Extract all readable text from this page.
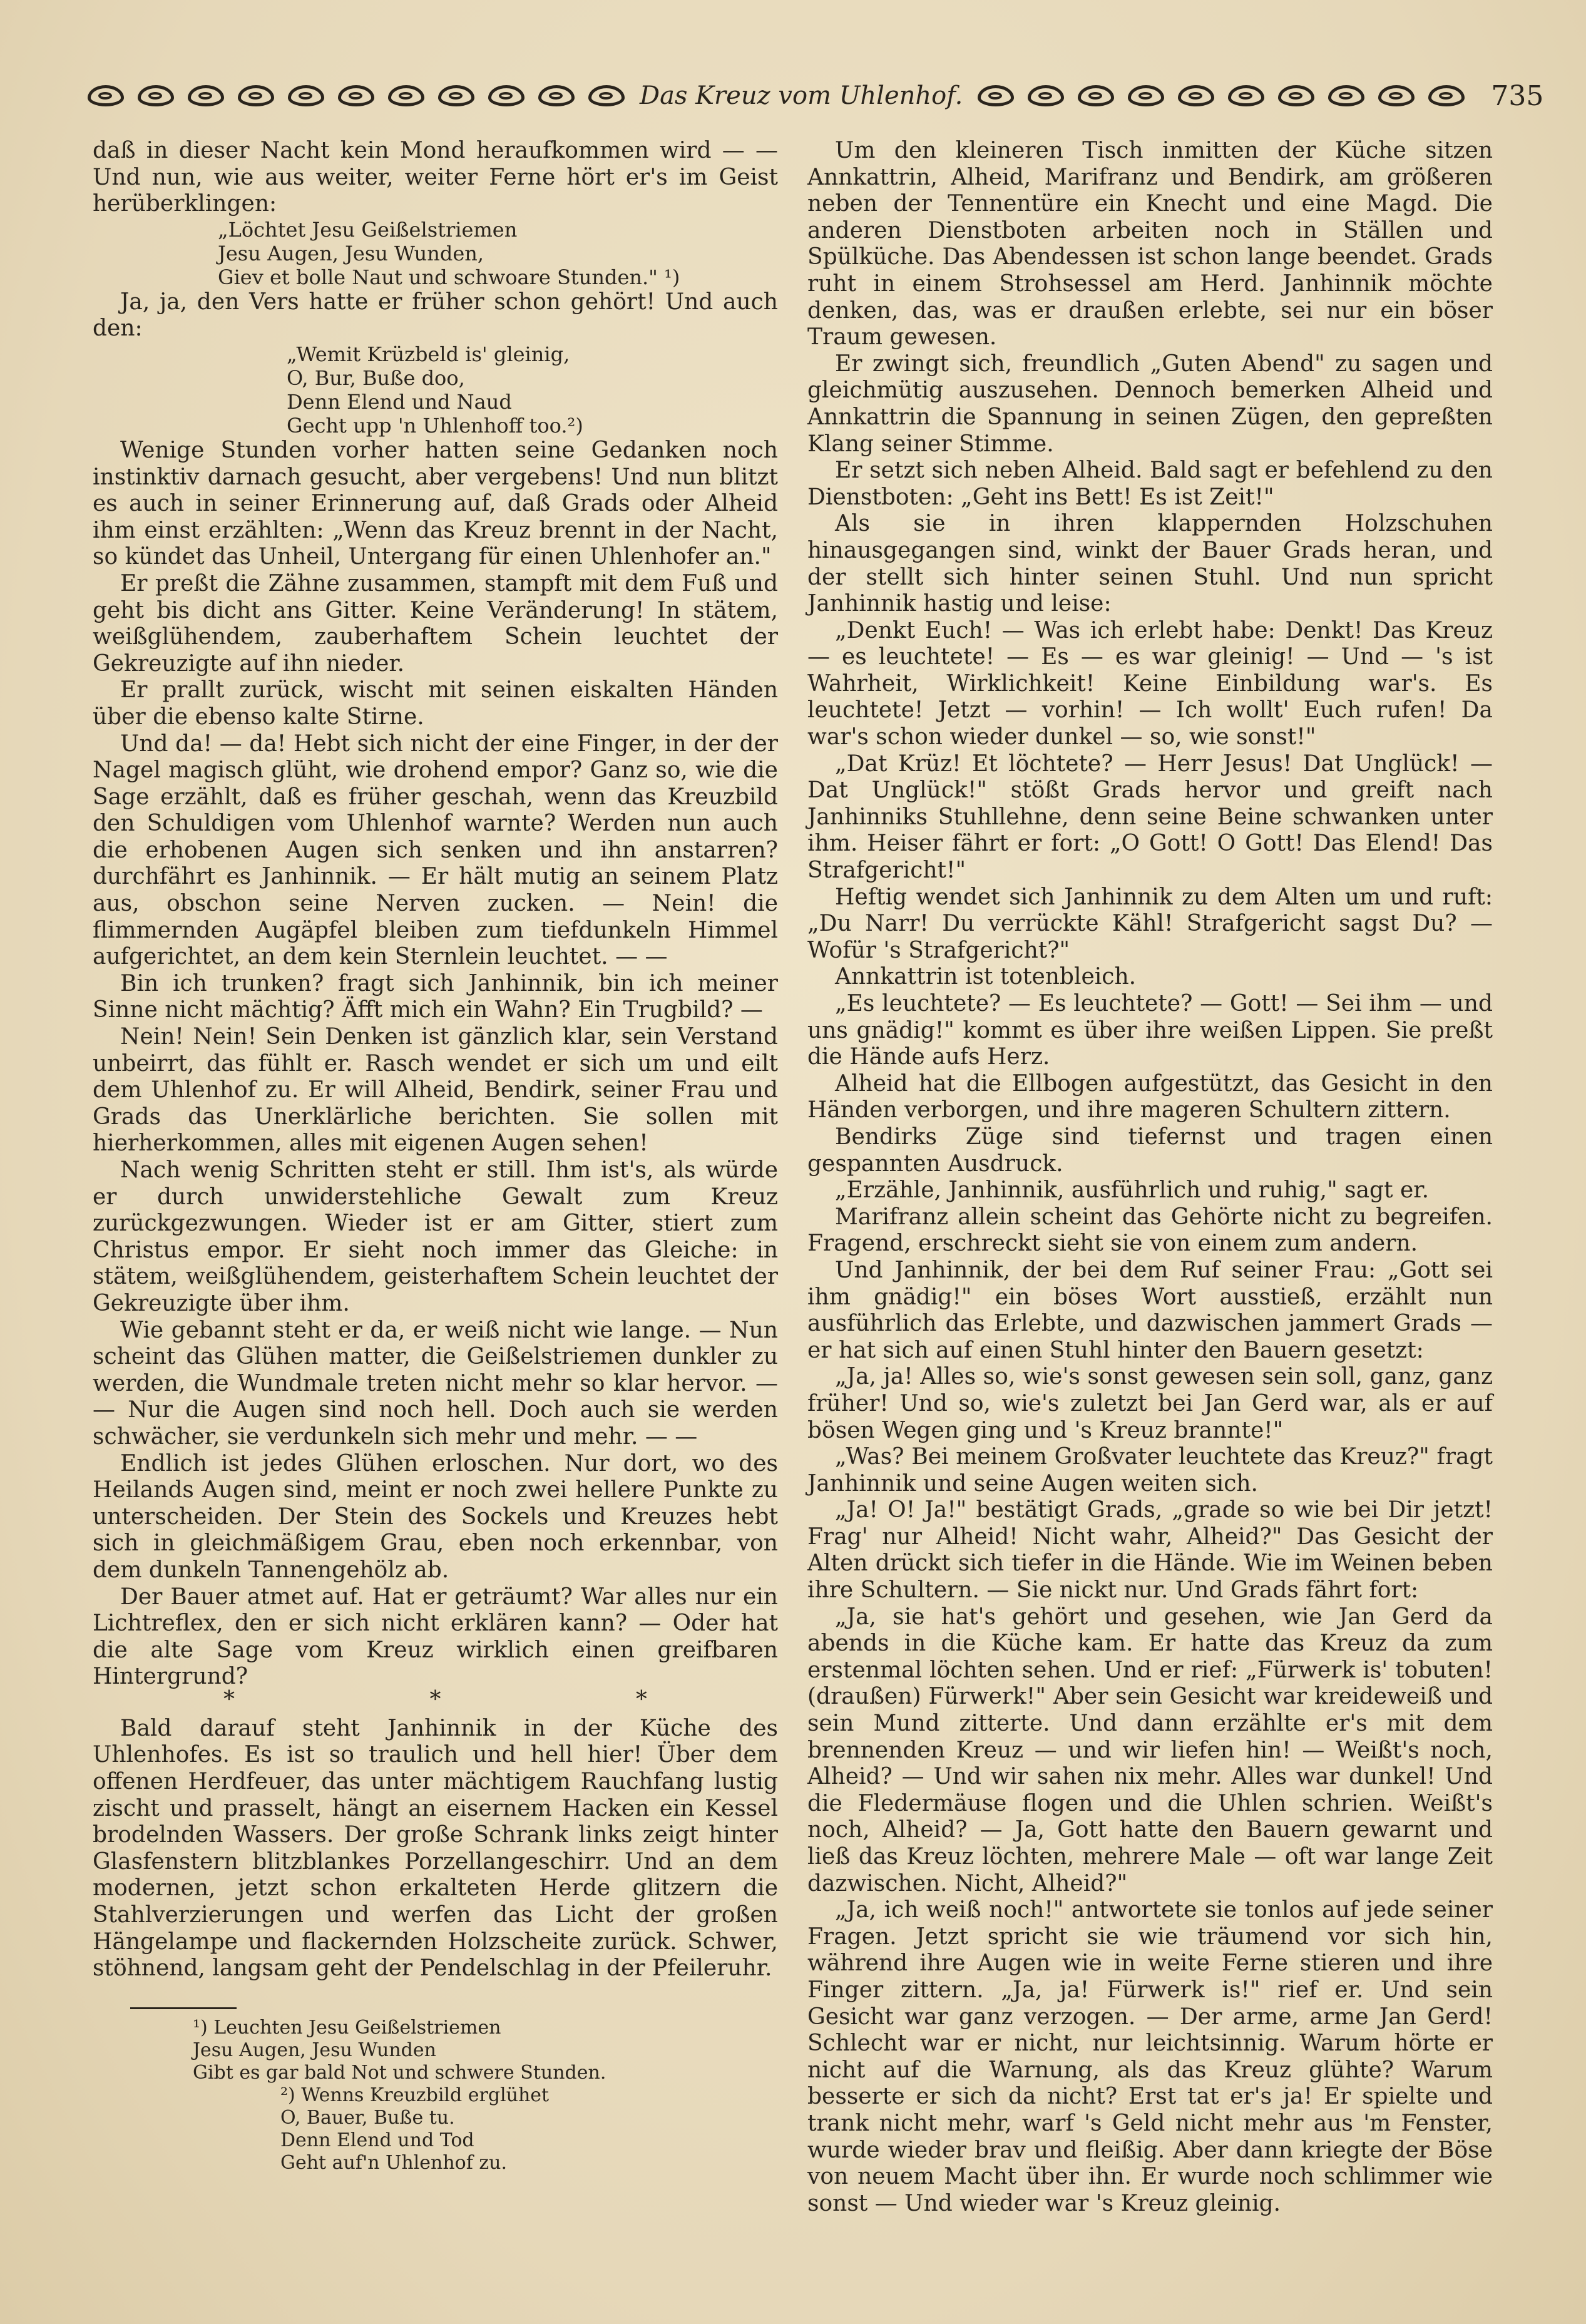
Das Kreuz vom Uhlenhof.	735

daß in dieser Nacht kein Mond heraufkommen wird — — Und nun, wie aus weiter, weiter Ferne hört er's im Geist herüberklingen:

„Löchtet Jesu Geißelstriemen
Jesu Augen, Jesu Wunden,
Giev et bolle Naut und schwoare Stunden." ¹)

Ja, ja, den Vers hatte er früher schon gehört! Und auch den:

„Wemit Krüzbeld is' gleinig,
O, Bur, Buße doo,
Denn Elend und Naud
Gecht upp 'n Uhlenhoff too.²)

Wenige Stunden vorher hatten seine Gedanken noch instinktiv darnach gesucht, aber vergebens! Und nun blitzt es auch in seiner Erinnerung auf, daß Grads oder Alheid ihm einst erzählten: „Wenn das Kreuz brennt in der Nacht, so kündet das Unheil, Untergang für einen Uhlenhofer an."

Er preßt die Zähne zusammen, stampft mit dem Fuß und geht bis dicht ans Gitter. Keine Veränderung! In stätem, weißglühendem, zauberhaftem Schein leuchtet der Gekreuzigte auf ihn nieder.

Er prallt zurück, wischt mit seinen eiskalten Händen über die ebenso kalte Stirne.

Und da! — da! Hebt sich nicht der eine Finger, in der der Nagel magisch glüht, wie drohend empor? Ganz so, wie die Sage erzählt, daß es früher geschah, wenn das Kreuzbild den Schuldigen vom Uhlenhof warnte? Werden nun auch die erhobenen Augen sich senken und ihn anstarren? durchfährt es Janhinnik. — Er hält mutig an seinem Platz aus, obschon seine Nerven zucken. — Nein! die flimmernden Augäpfel bleiben zum tiefdunkeln Himmel aufgerichtet, an dem kein Sternlein leuchtet. — —

Bin ich trunken? fragt sich Janhinnik, bin ich meiner Sinne nicht mächtig? Äfft mich ein Wahn? Ein Trugbild? —

Nein! Nein! Sein Denken ist gänzlich klar, sein Verstand unbeirrt, das fühlt er. Rasch wendet er sich um und eilt dem Uhlenhof zu. Er will Alheid, Bendirk, seiner Frau und Grads das Unerklärliche berichten. Sie sollen mit hierherkommen, alles mit eigenen Augen sehen!

Nach wenig Schritten steht er still. Ihm ist's, als würde er durch unwiderstehliche Gewalt zum Kreuz zurückgezwungen. Wieder ist er am Gitter, stiert zum Christus empor. Er sieht noch immer das Gleiche: in stätem, weißglühendem, geisterhaftem Schein leuchtet der Gekreuzigte über ihm.

Wie gebannt steht er da, er weiß nicht wie lange. — Nun scheint das Glühen matter, die Geißelstriemen dunkler zu werden, die Wundmale treten nicht mehr so klar hervor. — — Nur die Augen sind noch hell. Doch auch sie werden schwächer, sie verdunkeln sich mehr und mehr. — —

Endlich ist jedes Glühen erloschen. Nur dort, wo des Heilands Augen sind, meint er noch zwei hellere Punkte zu unterscheiden. Der Stein des Sockels und Kreuzes hebt sich in gleichmäßigem Grau, eben noch erkennbar, von dem dunkeln Tannengehölz ab.

Der Bauer atmet auf. Hat er geträumt? War alles nur ein Lichtreflex, den er sich nicht erklären kann? — Oder hat die alte Sage vom Kreuz wirklich einen greifbaren Hintergrund?

* * *

Bald darauf steht Janhinnik in der Küche des Uhlenhofes. Es ist so traulich und hell hier! Über dem offenen Herdfeuer, das unter mächtigem Rauchfang lustig zischt und prasselt, hängt an eisernem Hacken ein Kessel brodelnden Wassers. Der große Schrank links zeigt hinter Glasfenstern blitzblankes Porzellangeschirr. Und an dem modernen, jetzt schon erkalteten Herde glitzern die Stahlverzierungen und werfen das Licht der großen Hängelampe und flackernden Holzscheite zurück. Schwer, stöhnend, langsam geht der Pendelschlag in der Pfeileruhr.

¹) Leuchten Jesu Geißelstriemen
Jesu Augen, Jesu Wunden
Gibt es gar bald Not und schwere Stunden.
²) Wenns Kreuzbild erglühet
O, Bauer, Buße tu.
Denn Elend und Tod
Geht auf'n Uhlenhof zu.

Um den kleineren Tisch inmitten der Küche sitzen Annkattrin, Alheid, Marifranz und Bendirk, am größeren neben der Tennentüre ein Knecht und eine Magd. Die anderen Dienstboten arbeiten noch in Ställen und Spülküche. Das Abendessen ist schon lange beendet. Grads ruht in einem Strohsessel am Herd. Janhinnik möchte denken, das, was er draußen erlebte, sei nur ein böser Traum gewesen.

Er zwingt sich, freundlich „Guten Abend" zu sagen und gleichmütig auszusehen. Dennoch bemerken Alheid und Annkattrin die Spannung in seinen Zügen, den gepreßten Klang seiner Stimme.

Er setzt sich neben Alheid. Bald sagt er befehlend zu den Dienstboten: „Geht ins Bett! Es ist Zeit!"

Als sie in ihren klappernden Holzschuhen hinausgegangen sind, winkt der Bauer Grads heran, und der stellt sich hinter seinen Stuhl. Und nun spricht Janhinnik hastig und leise:

„Denkt Euch! — Was ich erlebt habe: Denkt! Das Kreuz — es leuchtete! — Es — es war gleinig! — Und — 's ist Wahrheit, Wirklichkeit! Keine Einbildung war's. Es leuchtete! Jetzt — vorhin! — Ich wollt' Euch rufen! Da war's schon wieder dunkel — so, wie sonst!"

„Dat Krüz! Et löchtete? — Herr Jesus! Dat Unglück! — Dat Unglück!" stößt Grads hervor und greift nach Janhinniks Stuhllehne, denn seine Beine schwanken unter ihm. Heiser fährt er fort: „O Gott! O Gott! Das Elend! Das Strafgericht!"

Heftig wendet sich Janhinnik zu dem Alten um und ruft: „Du Narr! Du verrückte Kähl! Strafgericht sagst Du? — Wofür 's Strafgericht?"

Annkattrin ist totenbleich.

„Es leuchtete? — Es leuchtete? — Gott! — Sei ihm — und uns gnädig!" kommt es über ihre weißen Lippen. Sie preßt die Hände aufs Herz.

Alheid hat die Ellbogen aufgestützt, das Gesicht in den Händen verborgen, und ihre mageren Schultern zittern.

Bendirks Züge sind tiefernst und tragen einen gespannten Ausdruck.

„Erzähle, Janhinnik, ausführlich und ruhig," sagt er.

Marifranz allein scheint das Gehörte nicht zu begreifen. Fragend, erschreckt sieht sie von einem zum andern.

Und Janhinnik, der bei dem Ruf seiner Frau: „Gott sei ihm gnädig!" ein böses Wort ausstieß, erzählt nun ausführlich das Erlebte, und dazwischen jammert Grads — er hat sich auf einen Stuhl hinter den Bauern gesetzt:

„Ja, ja! Alles so, wie's sonst gewesen sein soll, ganz, ganz früher! Und so, wie's zuletzt bei Jan Gerd war, als er auf bösen Wegen ging und 's Kreuz brannte!"

„Was? Bei meinem Großvater leuchtete das Kreuz?" fragt Janhinnik und seine Augen weiten sich.

„Ja! O! Ja!" bestätigt Grads, „grade so wie bei Dir jetzt! Frag' nur Alheid! Nicht wahr, Alheid?" Das Gesicht der Alten drückt sich tiefer in die Hände. Wie im Weinen beben ihre Schultern. — Sie nickt nur. Und Grads fährt fort:

„Ja, sie hat's gehört und gesehen, wie Jan Gerd da abends in die Küche kam. Er hatte das Kreuz da zum erstenmal löchten sehen. Und er rief: „Fürwerk is' tobuten! (draußen) Fürwerk!" Aber sein Gesicht war kreideweiß und sein Mund zitterte. Und dann erzählte er's mit dem brennenden Kreuz — und wir liefen hin! — Weißt's noch, Alheid? — Und wir sahen nix mehr. Alles war dunkel! Und die Fledermäuse flogen und die Uhlen schrien. Weißt's noch, Alheid? — Ja, Gott hatte den Bauern gewarnt und ließ das Kreuz löchten, mehrere Male — oft war lange Zeit dazwischen. Nicht, Alheid?"

„Ja, ich weiß noch!" antwortete sie tonlos auf jede seiner Fragen. Jetzt spricht sie wie träumend vor sich hin, während ihre Augen wie in weite Ferne stieren und ihre Finger zittern. „Ja, ja! Fürwerk is!" rief er. Und sein Gesicht war ganz verzogen. — Der arme, arme Jan Gerd! Schlecht war er nicht, nur leichtsinnig. Warum hörte er nicht auf die Warnung, als das Kreuz glühte? Warum besserte er sich da nicht? Erst tat er's ja! Er spielte und trank nicht mehr, warf 's Geld nicht mehr aus 'm Fenster, wurde wieder brav und fleißig. Aber dann kriegte der Böse von neuem Macht über ihn. Er wurde noch schlimmer wie sonst — Und wieder war 's Kreuz gleinig.
